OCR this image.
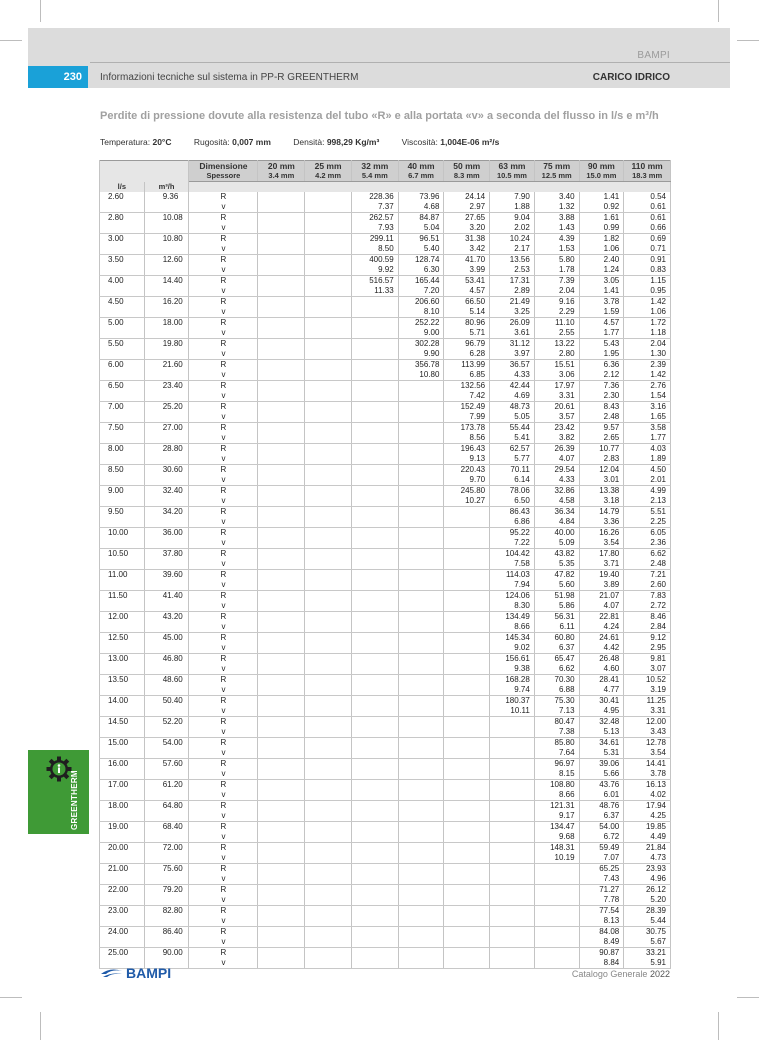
BAMPI
230	Informazioni tecniche sul sistema in PP-R GREENTHERM	CARICO IDRICO
Perdite di pressione dovute alla resistenza del tubo «R» e alla portata «v» a seconda del flusso in l/s e m³/h
Temperatura: 20°C	Rugosità: 0,007 mm	Densità: 998,29 Kg/m³	Viscosità: 1,004E-06 m²/s
		Dimensione	20 mm	25 mm	32 mm	40 mm	50 mm	63 mm	75 mm	90 mm	110 mm
		Spessore	3.4 mm	4.2 mm	5.4 mm	6.7 mm	8.3 mm	10.5 mm	12.5 mm	15.0 mm	18.3 mm
l/s	m³/h										
2.60	9.36	R			228.36	73.96	24.14	7.90	3.40	1.41	0.54
		v			7.37	4.68	2.97	1.88	1.32	0.92	0.61
2.80	10.08	R			262.57	84.87	27.65	9.04	3.88	1.61	0.61
		v			7.93	5.04	3.20	2.02	1.43	0.99	0.66
3.00	10.80	R			299.11	96.51	31.38	10.24	4.39	1.82	0.69
		v			8.50	5.40	3.42	2.17	1.53	1.06	0.71
3.50	12.60	R			400.59	128.74	41.70	13.56	5.80	2.40	0.91
		v			9.92	6.30	3.99	2.53	1.78	1.24	0.83
4.00	14.40	R			516.57	165.44	53.41	17.31	7.39	3.05	1.15
		v			11.33	7.20	4.57	2.89	2.04	1.41	0.95
4.50	16.20	R				206.60	66.50	21.49	9.16	3.78	1.42
		v				8.10	5.14	3.25	2.29	1.59	1.06
5.00	18.00	R				252.22	80.96	26.09	11.10	4.57	1.72
		v				9.00	5.71	3.61	2.55	1.77	1.18
5.50	19.80	R				302.28	96.79	31.12	13.22	5.43	2.04
		v				9.90	6.28	3.97	2.80	1.95	1.30
6.00	21.60	R				356.78	113.99	36.57	15.51	6.36	2.39
		v				10.80	6.85	4.33	3.06	2.12	1.42
6.50	23.40	R					132.56	42.44	17.97	7.36	2.76
		v					7.42	4.69	3.31	2.30	1.54
7.00	25.20	R					152.49	48.73	20.61	8.43	3.16
		v					7.99	5.05	3.57	2.48	1.65
7.50	27.00	R					173.78	55.44	23.42	9.57	3.58
		v					8.56	5.41	3.82	2.65	1.77
8.00	28.80	R					196.43	62.57	26.39	10.77	4.03
		v					9.13	5.77	4.07	2.83	1.89
8.50	30.60	R					220.43	70.11	29.54	12.04	4.50
		v					9.70	6.14	4.33	3.01	2.01
9.00	32.40	R					245.80	78.06	32.86	13.38	4.99
		v					10.27	6.50	4.58	3.18	2.13
9.50	34.20	R						86.43	36.34	14.79	5.51
		v						6.86	4.84	3.36	2.25
10.00	36.00	R						95.22	40.00	16.26	6.05
		v						7.22	5.09	3.54	2.36
10.50	37.80	R						104.42	43.82	17.80	6.62
		v						7.58	5.35	3.71	2.48
11.00	39.60	R						114.03	47.82	19.40	7.21
		v						7.94	5.60	3.89	2.60
11.50	41.40	R						124.06	51.98	21.07	7.83
		v						8.30	5.86	4.07	2.72
12.00	43.20	R						134.49	56.31	22.81	8.46
		v						8.66	6.11	4.24	2.84
12.50	45.00	R						145.34	60.80	24.61	9.12
		v						9.02	6.37	4.42	2.95
13.00	46.80	R						156.61	65.47	26.48	9.81
		v						9.38	6.62	4.60	3.07
13.50	48.60	R						168.28	70.30	28.41	10.52
		v						9.74	6.88	4.77	3.19
14.00	50.40	R						180.37	75.30	30.41	11.25
		v						10.11	7.13	4.95	3.31
14.50	52.20	R							80.47	32.48	12.00
		v							7.38	5.13	3.43
15.00	54.00	R							85.80	34.61	12.78
		v							7.64	5.31	3.54
16.00	57.60	R							96.97	39.06	14.41
		v							8.15	5.66	3.78
17.00	61.20	R							108.80	43.76	16.13
		v							8.66	6.01	4.02
18.00	64.80	R							121.31	48.76	17.94
		v							9.17	6.37	4.25
19.00	68.40	R							134.47	54.00	19.85
		v							9.68	6.72	4.49
20.00	72.00	R							148.31	59.49	21.84
		v							10.19	7.07	4.73
21.00	75.60	R								65.25	23.93
		v								7.43	4.96
22.00	79.20	R								71.27	26.12
		v								7.78	5.20
23.00	82.80	R								77.54	28.39
		v								8.13	5.44
24.00	86.40	R								84.08	30.75
		v								8.49	5.67
25.00	90.00	R								90.87	33.21
		v								8.84	5.91
GREENTHERM
BAMPI	Catalogo Generale 2022
